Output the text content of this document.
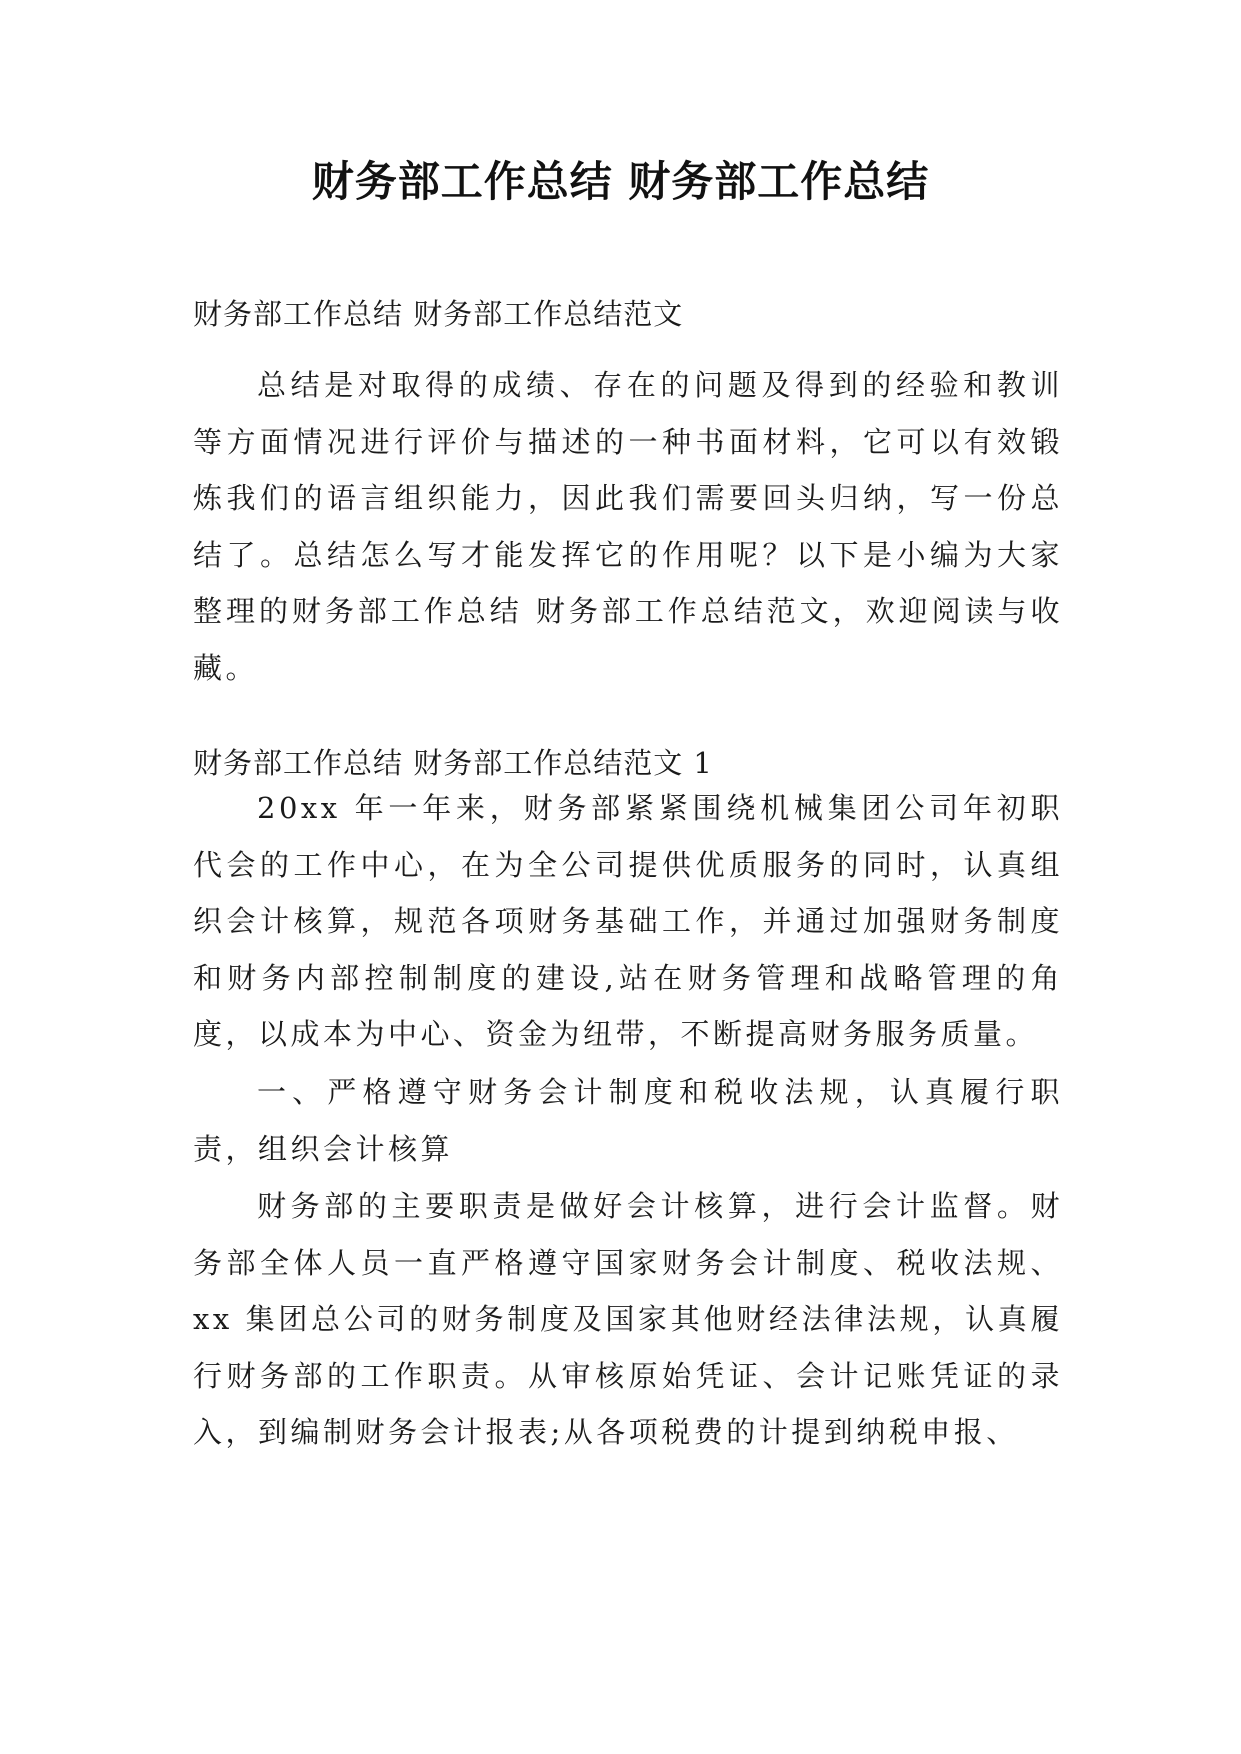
财务部工作总结 财务部工作总结
财务部工作总结 财务部工作总结范文
总结是对取得的成绩、存在的问题及得到的经验和教训等方面情况进行评价与描述的一种书面材料，它可以有效锻炼我们的语言组织能力，因此我们需要回头归纳，写一份总结了。总结怎么写才能发挥它的作用呢？以下是小编为大家整理的财务部工作总结 财务部工作总结范文，欢迎阅读与收藏。
财务部工作总结 财务部工作总结范文 1
20xx 年一年来，财务部紧紧围绕机械集团公司年初职代会的工作中心，在为全公司提供优质服务的同时，认真组织会计核算，规范各项财务基础工作，并通过加强财务制度和财务内部控制制度的建设,站在财务管理和战略管理的角度，以成本为中心、资金为纽带，不断提高财务服务质量。
一、严格遵守财务会计制度和税收法规，认真履行职责，组织会计核算
财务部的主要职责是做好会计核算，进行会计监督。财务部全体人员一直严格遵守国家财务会计制度、税收法规、xx 集团总公司的财务制度及国家其他财经法律法规，认真履行财务部的工作职责。从审核原始凭证、会计记账凭证的录入，到编制财务会计报表;从各项税费的计提到纳税申报、
